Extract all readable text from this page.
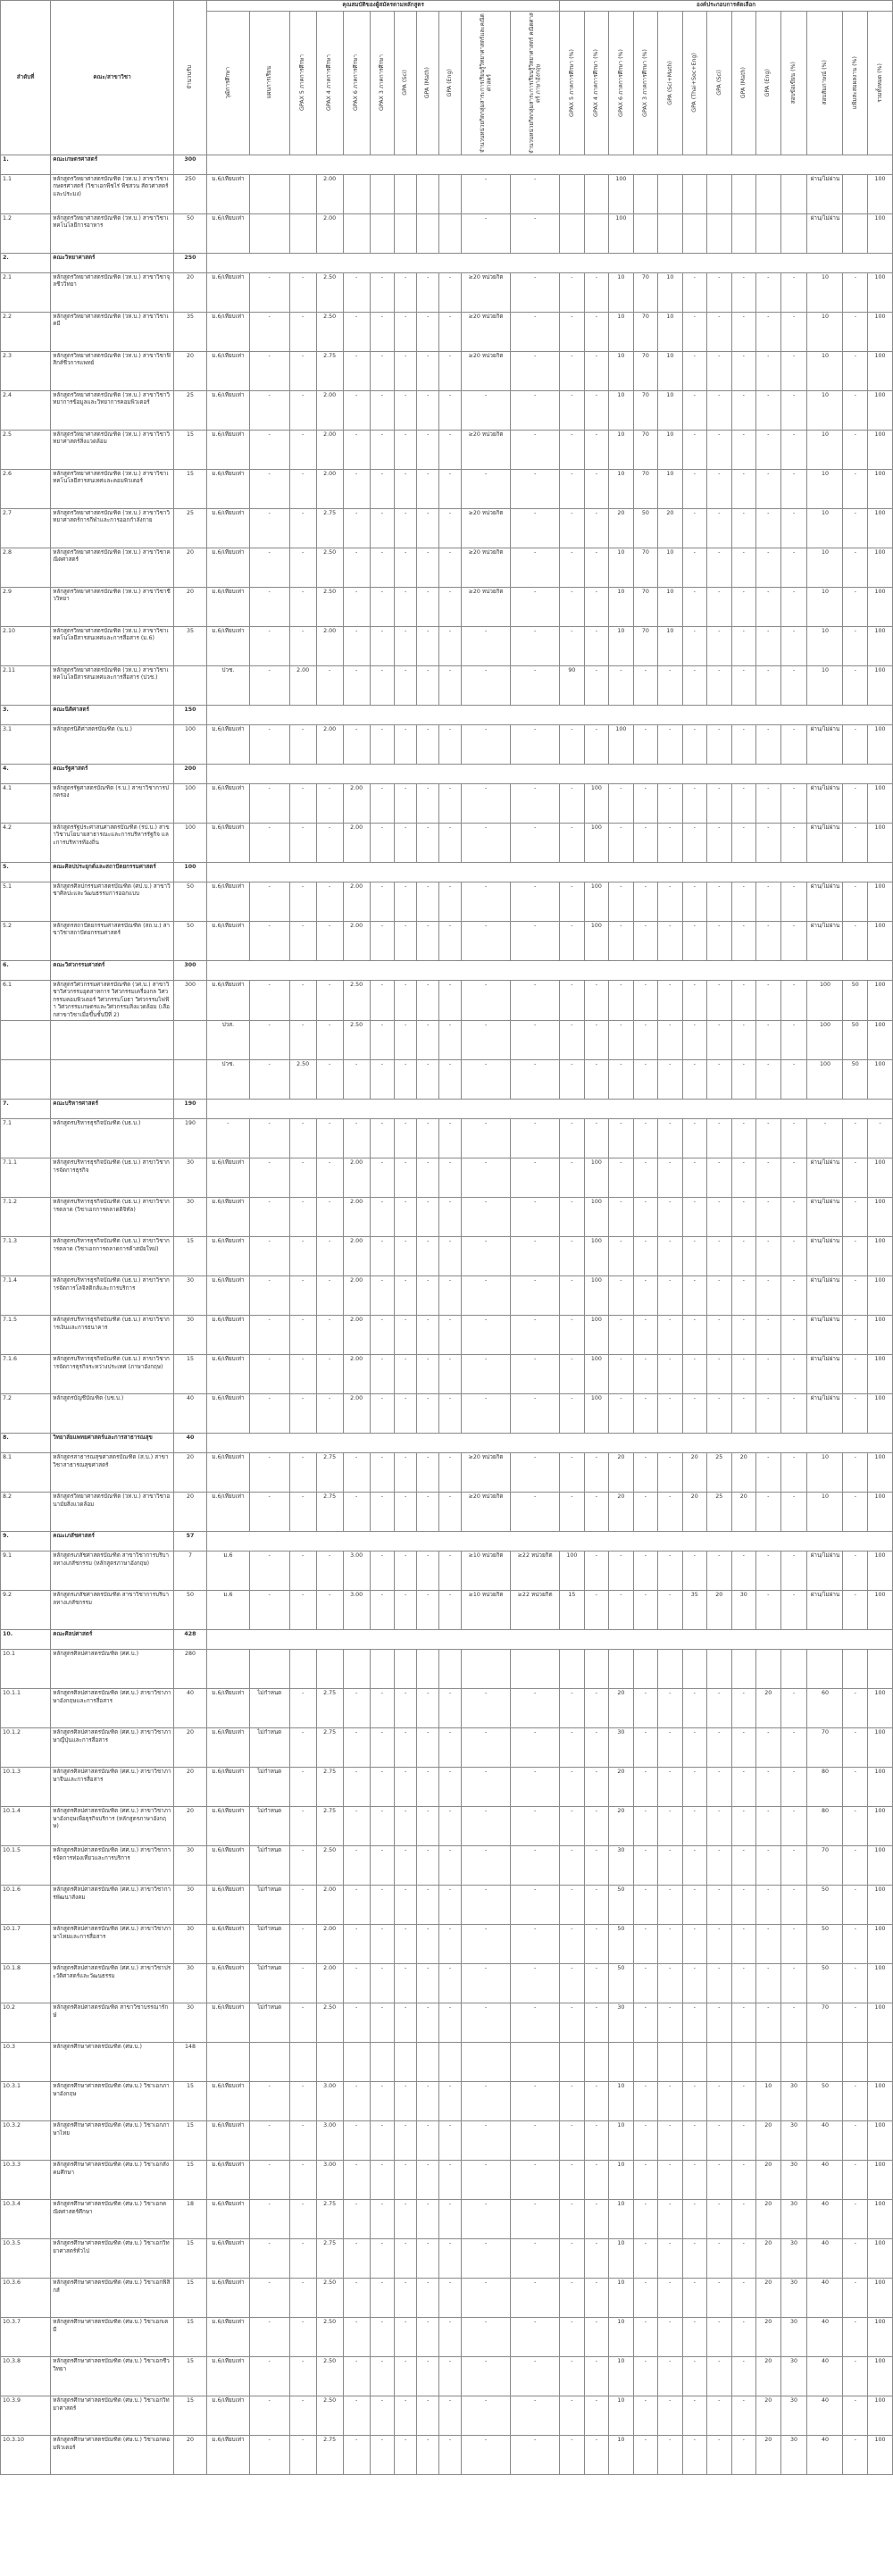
ลำดับที่	คณะ/สาขาวิชา	จำนวนรับ	คุณสมบัติของผู้สมัครตามหลักสูตร											องค์ประกอบการคัดเลือก												

			วุฒิการศึกษา	แผนการเรียน	GPAX 5 ภาคการศึกษา	GPAX 4 ภาคการศึกษา	GPAX 6 ภาคการศึกษา	GPAX 3 ภาคการศึกษา	GPA (Sci)	GPA (Math)	GPA (Eng)	จำนวนหน่วยกิตกลุ่มสาระการเรียนรู้วิทยาศาสตร์และคณิตศาสตร์	จำนวนหน่วยกิตกลุ่มสาระการเรียนรู้วิทยาศาสตร์ คณิตศาสตร์ ภาษาอังกฤษ	GPAX 5 ภาคการศึกษา (%)	GPAX 4 ภาคการศึกษา (%)	GPAX 6 ภาคการศึกษา (%)	GPAX 3 ภาคการศึกษา (%)	GPA (Sci+Math)	GPA (Thai+Soc+Eng)	GPA (Sci)	GPA (Math)	GPA (Eng)	สอบข้อเขียน (%)	สอบสัมภาษณ์ (%)	แฟ้มสะสมผลงาน (%)	รวมทั้งหมด (%)

1.	คณะเกษตรศาสตร์	300																								
1.1	หลักสูตรวิทยาศาสตรบัณฑิต (วท.บ.) สาขาวิชาเกษตรศาสตร์ (วิชาเอกพืชไร่ พืชสวน สัตวศาสตร์ และประมง)	250	ม.6/เทียบเท่า			2.00						-	-			100								ผ่าน/ไม่ผ่าน		100
1.2	หลักสูตรวิทยาศาสตรบัณฑิต (วท.บ.) สาขาวิชาเทคโนโลยีการอาหาร	50	ม.6/เทียบเท่า			2.00						-	-			100								ผ่าน/ไม่ผ่าน		100
2.	คณะวิทยาศาสตร์	250																								
2.1	หลักสูตรวิทยาศาสตรบัณฑิต (วท.บ.) สาขาวิชาจุลชีววิทยา	20	ม.6/เทียบเท่า	-	-	2.50	-	-	-	-	-	≥20 หน่วยกิต	-	-	-	10	70	10	-	-	-	-	-	10	-	100
2.2	หลักสูตรวิทยาศาสตรบัณฑิต (วท.บ.) สาขาวิชาเคมี	35	ม.6/เทียบเท่า	-	-	2.50	-	-	-	-	-	≥20 หน่วยกิต	-	-	-	10	70	10	-	-	-	-	-	10	-	100
2.3	หลักสูตรวิทยาศาสตรบัณฑิต (วท.บ.) สาขาวิชาฟิสิกส์ชีวการแพทย์	20	ม.6/เทียบเท่า	-	-	2.75	-	-	-	-	-	≥20 หน่วยกิต	-	-	-	10	70	10	-	-	-	-	-	10	-	100
2.4	หลักสูตรวิทยาศาสตรบัณฑิต (วท.บ.) สาขาวิชาวิทยาการข้อมูลและวิทยาการคอมพิวเตอร์	25	ม.6/เทียบเท่า	-	-	2.00	-	-	-	-	-	-	-	-	-	10	70	10	-	-	-	-	-	10	-	100
2.5	หลักสูตรวิทยาศาสตรบัณฑิต (วท.บ.) สาขาวิชาวิทยาศาสตร์สิ่งแวดล้อม	15	ม.6/เทียบเท่า	-	-	2.00	-	-	-	-	-	≥20 หน่วยกิต	-	-	-	10	70	10	-	-	-	-	-	10	-	100
2.6	หลักสูตรวิทยาศาสตรบัณฑิต (วท.บ.) สาขาวิชาเทคโนโลยีสารสนเทศและคอมพิวเตอร์	15	ม.6/เทียบเท่า	-	-	2.00	-	-	-	-	-	-	-	-	-	10	70	10	-	-	-	-	-	10	-	100
2.7	หลักสูตรวิทยาศาสตรบัณฑิต (วท.บ.) สาขาวิชาวิทยาศาสตร์การกีฬาและการออกกำลังกาย	25	ม.6/เทียบเท่า	-	-	2.75	-	-	-	-	-	≥20 หน่วยกิต	-	-	-	20	50	20	-	-	-	-	-	10	-	100
2.8	หลักสูตรวิทยาศาสตรบัณฑิต (วท.บ.) สาขาวิชาคณิตศาสตร์	20	ม.6/เทียบเท่า	-	-	2.50	-	-	-	-	-	≥20 หน่วยกิต	-	-	-	10	70	10	-	-	-	-	-	10	-	100
2.9	หลักสูตรวิทยาศาสตรบัณฑิต (วท.บ.) สาขาวิชาชีววิทยา	20	ม.6/เทียบเท่า	-	-	2.50	-	-	-	-	-	≥20 หน่วยกิต	-	-	-	10	70	10	-	-	-	-	-	10	-	100
2.10	หลักสูตรวิทยาศาสตรบัณฑิต (วท.บ.) สาขาวิชาเทคโนโลยีสารสนเทศและการสื่อสาร (ม.6)	35	ม.6/เทียบเท่า	-	-	2.00	-	-	-	-	-	-	-	-	-	10	70	10	-	-	-	-	-	10	-	100
2.11	หลักสูตรวิทยาศาสตรบัณฑิต (วท.บ.) สาขาวิชาเทคโนโลยีสารสนเทศและการสื่อสาร (ปวช.)		ปวช.	-	2.00	-	-	-	-	-	-	-	-	90	-	-	-	-	-	-	-	-	-	10	-	100
3.	คณะนิติศาสตร์	150																								
3.1	หลักสูตรนิติศาสตรบัณฑิต (น.บ.)	100	ม.6/เทียบเท่า	-	-	2.00	-	-	-	-	-	-	-	-	-	100	-	-	-	-	-	-	-	ผ่าน/ไม่ผ่าน	-	100
4.	คณะรัฐศาสตร์	200																								
4.1	หลักสูตรรัฐศาสตรบัณฑิต (ร.บ.) สาขาวิชาการปกครอง	100	ม.6/เทียบเท่า	-	-	-	2.00	-	-	-	-	-	-	-	100	-	-	-	-	-	-	-	-	ผ่าน/ไม่ผ่าน	-	100
4.2	หลักสูตรรัฐประศาสนศาสตรบัณฑิต (รป.บ.) สาขาวิชานโยบายสาธารณะและการบริหารรัฐกิจ และการบริหารท้องถิ่น	100	ม.6/เทียบเท่า	-	-	-	2.00	-	-	-	-	-	-	-	100	-	-	-	-	-	-	-	-	ผ่าน/ไม่ผ่าน	-	100
5.	คณะศิลปประยุกต์และสถาปัตยกรรมศาสตร์	100																								
5.1	หลักสูตรศิลปกรรมศาสตรบัณฑิต (ศป.บ.) สาขาวิชาศิลปะและวัฒนธรรมการออกแบบ	50	ม.6/เทียบเท่า	-	-	-	2.00	-	-	-	-	-	-	-	100	-	-	-	-	-	-	-	-	ผ่าน/ไม่ผ่าน	-	100
5.2	หลักสูตรสถาปัตยกรรมศาสตรบัณฑิต (สถ.บ.) สาขาวิชาสถาปัตยกรรมศาสตร์	50	ม.6/เทียบเท่า	-	-	-	2.00	-	-	-	-	-	-	-	100	-	-	-	-	-	-	-	-	ผ่าน/ไม่ผ่าน	-	100
6.	คณะวิศวกรรมศาสตร์	300																								
6.1	หลักสูตรวิศวกรรมศาสตรบัณฑิต (วศ.บ.) สาขาวิชาวิศวกรรมอุตสาหการ วิศวกรรมเครื่องกล วิศวกรรมคอมพิวเตอร์ วิศวกรรมโยธา วิศวกรรมไฟฟ้า วิศวกรรมเกษตรและวิศวกรรมสิ่งแวดล้อม (เลือกสาขาวิชาเมื่อขึ้นชั้นปีที่ 2)	300	ม.6/เทียบเท่า	-	-	-	2.50	-	-	-	-	-	-	-	-	-	-	-	-	-	-	-	-	100	50	100
			ปวส.	-	-	-	2.50	-	-	-	-	-	-	-	-	-	-	-	-	-	-	-	-	100	50	100
			ปวช.	-	2.50	-	-	-	-	-	-	-	-	-	-	-	-	-	-	-	-	-	-	100	50	100
7.	คณะบริหารศาสตร์	190																								
7.1	หลักสูตรบริหารธุรกิจบัณฑิต (บธ.บ.)	190	-	-	-	-	-	-	-	-	-	-	-	-	-	-	-	-	-	-	-	-	-	-	-	-
7.1.1	หลักสูตรบริหารธุรกิจบัณฑิต (บธ.บ.) สาขาวิชาการจัดการธุรกิจ	30	ม.6/เทียบเท่า	-	-	-	2.00	-	-	-	-	-	-	-	100	-	-	-	-	-	-	-	-	ผ่าน/ไม่ผ่าน	-	100
7.1.2	หลักสูตรบริหารธุรกิจบัณฑิต (บธ.บ.) สาขาวิชาการตลาด (วิชาเอกการตลาดดิจิทัล)	30	ม.6/เทียบเท่า	-	-	-	2.00	-	-	-	-	-	-	-	100	-	-	-	-	-	-	-	-	ผ่าน/ไม่ผ่าน	-	100
7.1.3	หลักสูตรบริหารธุรกิจบัณฑิต (บธ.บ.) สาขาวิชาการตลาด (วิชาเอกการตลาดการค้าสมัยใหม่)	15	ม.6/เทียบเท่า	-	-	-	2.00	-	-	-	-	-	-	-	100	-	-	-	-	-	-	-	-	ผ่าน/ไม่ผ่าน	-	100
7.1.4	หลักสูตรบริหารธุรกิจบัณฑิต (บธ.บ.) สาขาวิชาการจัดการโลจิสติกส์และการบริการ	30	ม.6/เทียบเท่า	-	-	-	2.00	-	-	-	-	-	-	-	100	-	-	-	-	-	-	-	-	ผ่าน/ไม่ผ่าน	-	100
7.1.5	หลักสูตรบริหารธุรกิจบัณฑิต (บธ.บ.) สาขาวิชาการเงินและการธนาคาร	30	ม.6/เทียบเท่า	-	-	-	2.00	-	-	-	-	-	-	-	100	-	-	-	-	-	-	-	-	ผ่าน/ไม่ผ่าน	-	100
7.1.6	หลักสูตรบริหารธุรกิจบัณฑิต (บธ.บ.) สาขาวิชาการจัดการธุรกิจระหว่างประเทศ (ภาษาอังกฤษ)	15	ม.6/เทียบเท่า	-	-	-	2.00	-	-	-	-	-	-	-	100	-	-	-	-	-	-	-	-	ผ่าน/ไม่ผ่าน	-	100
7.2	หลักสูตรบัญชีบัณฑิต (บช.บ.)	40	ม.6/เทียบเท่า	-	-	-	2.00	-	-	-	-	-	-	-	100	-	-	-	-	-	-	-	-	ผ่าน/ไม่ผ่าน	-	100
8.	วิทยาลัยแพทยศาสตร์และการสาธารณสุข	40																								
8.1	หลักสูตรสาธารณสุขศาสตรบัณฑิต (ส.บ.) สาขาวิชาสาธารณสุขศาสตร์	20	ม.6/เทียบเท่า	-	-	2.75	-	-	-	-	-	≥20 หน่วยกิต	-	-	-	20	-	-	20	25	20	-	-	10	-	100
8.2	หลักสูตรวิทยาศาสตรบัณฑิต (วท.บ.) สาขาวิชาอนามัยสิ่งแวดล้อม	20	ม.6/เทียบเท่า	-	-	2.75	-	-	-	-	-	≥20 หน่วยกิต	-	-	-	20	-	-	20	25	20	-	-	10	-	100
9.	คณะเภสัชศาสตร์	57																								
9.1	หลักสูตรเภสัชศาสตรบัณฑิต สาขาวิชาการบริบาลทางเภสัชกรรม (หลักสูตรภาษาอังกฤษ)	7	ม.6	-	-	-	3.00	-	-	-	-	≥10 หน่วยกิต	≥22 หน่วยกิต	100	-	-	-	-	-	-	-	-	-	ผ่าน/ไม่ผ่าน	-	100
9.2	หลักสูตรเภสัชศาสตรบัณฑิต สาขาวิชาการบริบาลทางเภสัชกรรม	50	ม.6	-	-	-	3.00	-	-	-	-	≥10 หน่วยกิต	≥22 หน่วยกิต	15	-	-	-	-	35	20	30	-	-	ผ่าน/ไม่ผ่าน	-	100
10.	คณะศิลปศาสตร์	428																								
10.1	หลักสูตรศิลปศาสตรบัณฑิต (ศศ.บ.)	280																								
10.1.1	หลักสูตรศิลปศาสตรบัณฑิต (ศศ.บ.) สาขาวิชาภาษาอังกฤษและการสื่อสาร	40	ม.6/เทียบเท่า	ไม่กำหนด	-	2.75	-	-	-	-	-	-	-	-	-	20	-	-	-	-	-	20	-	60	-	100
10.1.2	หลักสูตรศิลปศาสตรบัณฑิต (ศศ.บ.) สาขาวิชาภาษาญี่ปุ่นและการสื่อสาร	20	ม.6/เทียบเท่า	ไม่กำหนด	-	2.75	-	-	-	-	-	-	-	-	-	30	-	-	-	-	-	-	-	70	-	100
10.1.3	หลักสูตรศิลปศาสตรบัณฑิต (ศศ.บ.) สาขาวิชาภาษาจีนและการสื่อสาร	20	ม.6/เทียบเท่า	ไม่กำหนด	-	2.75	-	-	-	-	-	-	-	-	-	20	-	-	-	-	-	-	-	80	-	100
10.1.4	หลักสูตรศิลปศาสตรบัณฑิต (ศศ.บ.) สาขาวิชาภาษาอังกฤษเพื่อธุรกิจบริการ (หลักสูตรภาษาอังกฤษ)	20	ม.6/เทียบเท่า	ไม่กำหนด	-	2.75	-	-	-	-	-	-	-	-	-	20	-	-	-	-	-	-	-	80	-	100
10.1.5	หลักสูตรศิลปศาสตรบัณฑิต (ศศ.บ.) สาขาวิชาการจัดการท่องเที่ยวและการบริการ	30	ม.6/เทียบเท่า	ไม่กำหนด	-	2.50	-	-	-	-	-	-	-	-	-	30	-	-	-	-	-	-	-	70	-	100
10.1.6	หลักสูตรศิลปศาสตรบัณฑิต (ศศ.บ.) สาขาวิชาการพัฒนาสังคม	30	ม.6/เทียบเท่า	ไม่กำหนด	-	2.00	-	-	-	-	-	-	-	-	-	50	-	-	-	-	-	-	-	50	-	100
10.1.7	หลักสูตรศิลปศาสตรบัณฑิต (ศศ.บ.) สาขาวิชาภาษาไทยและการสื่อสาร	30	ม.6/เทียบเท่า	ไม่กำหนด	-	2.00	-	-	-	-	-	-	-	-	-	50	-	-	-	-	-	-	-	50	-	100
10.1.8	หลักสูตรศิลปศาสตรบัณฑิต (ศศ.บ.) สาขาวิชาประวัติศาสตร์และวัฒนธรรม	30	ม.6/เทียบเท่า	ไม่กำหนด	-	2.00	-	-	-	-	-	-	-	-	-	50	-	-	-	-	-	-	-	50	-	100
10.2	หลักสูตรศิลปศาสตรบัณฑิต สาขาวิชาบรรณารักษ์	30	ม.6/เทียบเท่า	ไม่กำหนด	-	2.50	-	-	-	-	-	-	-	-	-	30	-	-	-	-	-	-	-	70	-	100
10.3	หลักสูตรศึกษาศาสตรบัณฑิต (ศษ.บ.)	148																								
10.3.1	หลักสูตรศึกษาศาสตรบัณฑิต (ศษ.บ.) วิชาเอกภาษาอังกฤษ	15	ม.6/เทียบเท่า	-	-	3.00	-	-	-	-	-	-	-	-	-	10	-	-	-	-	-	10	30	50	-	100
10.3.2	หลักสูตรศึกษาศาสตรบัณฑิต (ศษ.บ.) วิชาเอกภาษาไทย	15	ม.6/เทียบเท่า	-	-	3.00	-	-	-	-	-	-	-	-	-	10	-	-	-	-	-	20	30	40	-	100
10.3.3	หลักสูตรศึกษาศาสตรบัณฑิต (ศษ.บ.) วิชาเอกสังคมศึกษา	15	ม.6/เทียบเท่า	-	-	3.00	-	-	-	-	-	-	-	-	-	10	-	-	-	-	-	20	30	40	-	100
10.3.4	หลักสูตรศึกษาศาสตรบัณฑิต (ศษ.บ.) วิชาเอกคณิตศาสตร์ศึกษา	18	ม.6/เทียบเท่า	-	-	2.75	-	-	-	-	-	-	-	-	-	10	-	-	-	-	-	20	30	40	-	100
10.3.5	หลักสูตรศึกษาศาสตรบัณฑิต (ศษ.บ.) วิชาเอกวิทยาศาสตร์ทั่วไป	15	ม.6/เทียบเท่า	-	-	2.75	-	-	-	-	-	-	-	-	-	10	-	-	-	-	-	20	30	40	-	100
10.3.6	หลักสูตรศึกษาศาสตรบัณฑิต (ศษ.บ.) วิชาเอกฟิสิกส์	15	ม.6/เทียบเท่า	-	-	2.50	-	-	-	-	-	-	-	-	-	10	-	-	-	-	-	20	30	40	-	100
10.3.7	หลักสูตรศึกษาศาสตรบัณฑิต (ศษ.บ.) วิชาเอกเคมี	15	ม.6/เทียบเท่า	-	-	2.50	-	-	-	-	-	-	-	-	-	10	-	-	-	-	-	20	30	40	-	100
10.3.8	หลักสูตรศึกษาศาสตรบัณฑิต (ศษ.บ.) วิชาเอกชีววิทยา	15	ม.6/เทียบเท่า	-	-	2.50	-	-	-	-	-	-	-	-	-	10	-	-	-	-	-	20	30	40	-	100
10.3.9	หลักสูตรศึกษาศาสตรบัณฑิต (ศษ.บ.) วิชาเอกวิทยาศาสตร์	15	ม.6/เทียบเท่า	-	-	2.50	-	-	-	-	-	-	-	-	-	10	-	-	-	-	-	20	30	40	-	100
10.3.10	หลักสูตรศึกษาศาสตรบัณฑิต (ศษ.บ.) วิชาเอกคอมพิวเตอร์	20	ม.6/เทียบเท่า	-	-	2.75	-	-	-	-	-	-	-	-	-	10	-	-	-	-	-	20	30	40	-	100
